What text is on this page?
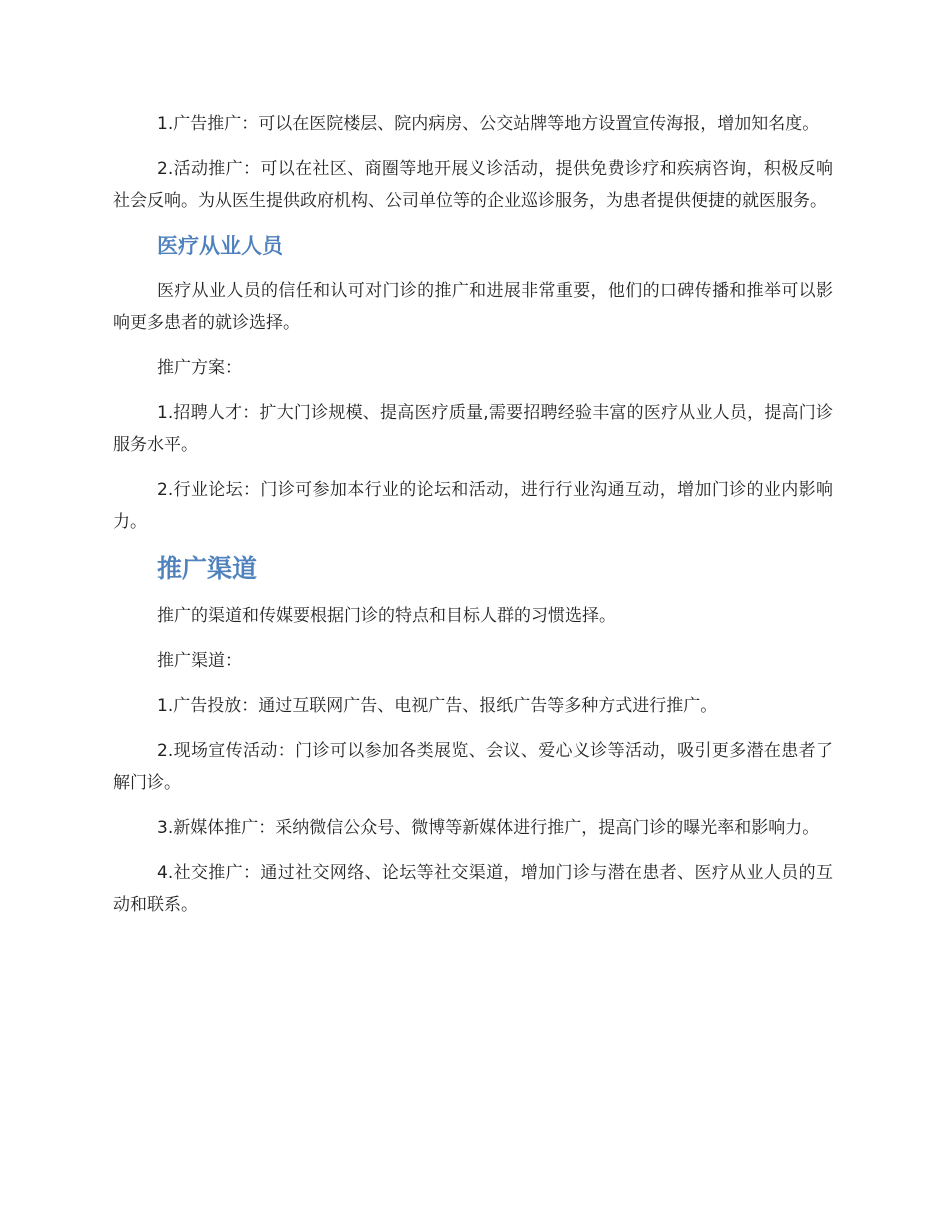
1.广告推广：可以在医院楼层、院内病房、公交站牌等地方设置宣传海报，增加知名度。

2.活动推广：可以在社区、商圈等地开展义诊活动，提供免费诊疗和疾病咨询，积极反响社会反响。为从医生提供政府机构、公司单位等的企业巡诊服务，为患者提供便捷的就医服务。

医疗从业人员

医疗从业人员的信任和认可对门诊的推广和进展非常重要，他们的口碑传播和推举可以影响更多患者的就诊选择。

推广方案：

1.招聘人才：扩大门诊规模、提高医疗质量,需要招聘经验丰富的医疗从业人员，提高门诊服务水平。

2.行业论坛：门诊可参加本行业的论坛和活动，进行行业沟通互动，增加门诊的业内影响力。

推广渠道

推广的渠道和传媒要根据门诊的特点和目标人群的习惯选择。

推广渠道：

1.广告投放：通过互联网广告、电视广告、报纸广告等多种方式进行推广。

2.现场宣传活动：门诊可以参加各类展览、会议、爱心义诊等活动，吸引更多潜在患者了解门诊。

3.新媒体推广：采纳微信公众号、微博等新媒体进行推广，提高门诊的曝光率和影响力。

4.社交推广：通过社交网络、论坛等社交渠道，增加门诊与潜在患者、医疗从业人员的互动和联系。
